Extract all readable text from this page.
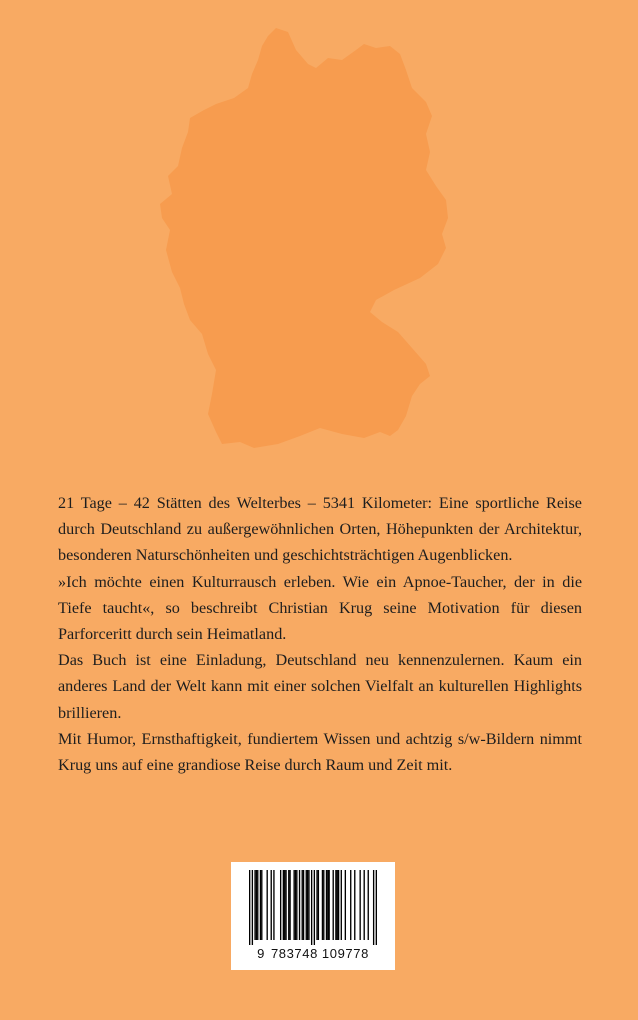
21 Tage – 42 Stätten des Welterbes – 5341 Kilometer: Eine sportliche Reise durch Deutschland zu außergewöhnlichen Orten, Höhepunkten der Architektur, besonderen Naturschönheiten und geschichtsträchtigen Augenblicken.

»Ich möchte einen Kulturrausch erleben. Wie ein Apnoe-Taucher, der in die Tiefe taucht«, so beschreibt Christian Krug seine Motivation für diesen Parforceritt durch sein Heimatland.

Das Buch ist eine Einladung, Deutschland neu kennenzulernen. Kaum ein anderes Land der Welt kann mit einer solchen Vielfalt an kulturellen Highlights brillieren.

Mit Humor, Ernsthaftigkeit, fundiertem Wissen und achtzig s/w-Bildern nimmt Krug uns auf eine grandiose Reise durch Raum und Zeit mit.

9 783748 109778
